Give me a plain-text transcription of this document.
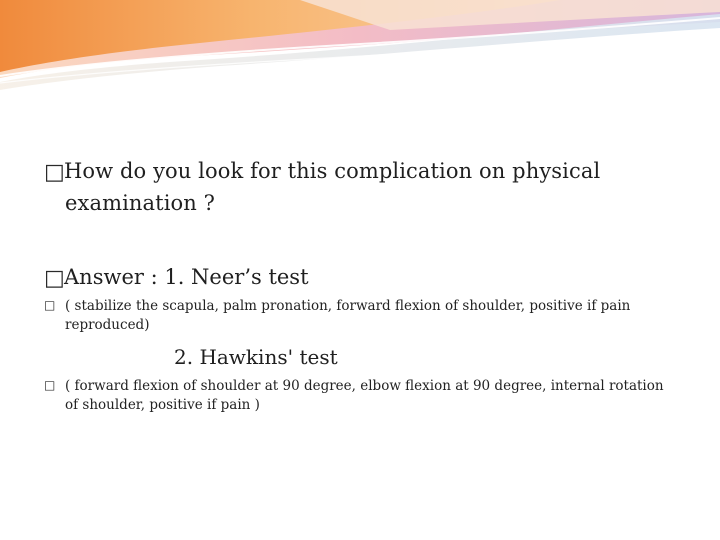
□How do you look for this complication on physical
examination ?
□Answer : 1. Neer’s test
□ ( stabilize the scapula, palm pronation, forward flexion of shoulder, positive if pain
reproduced)
2. Hawkins' test
□ ( forward flexion of shoulder at 90 degree, elbow flexion at 90 degree, internal rotation
of shoulder, positive if pain )
